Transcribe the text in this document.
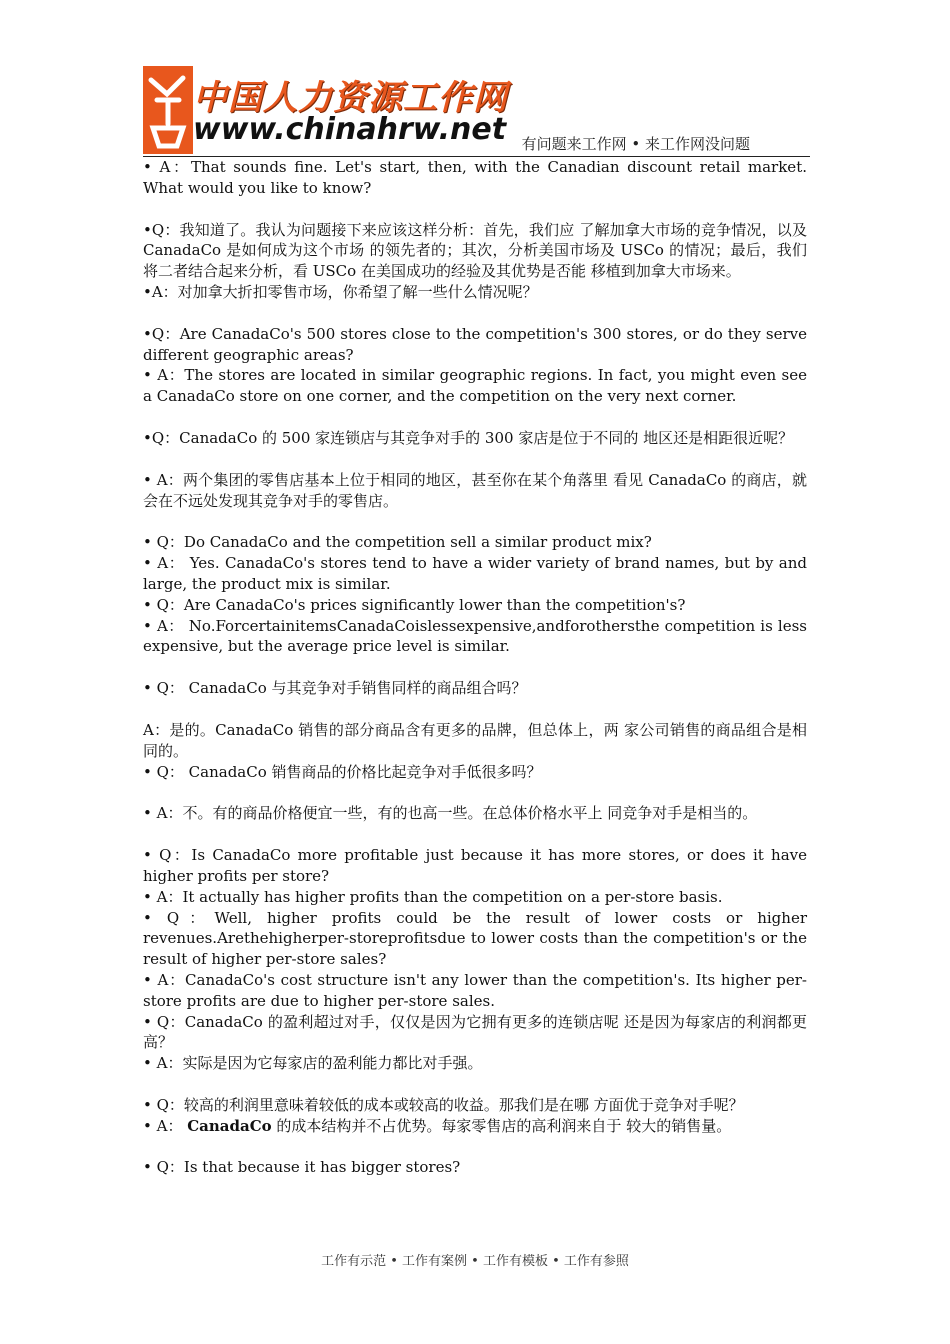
中国人力资源工作网
www.chinahrw.net 有问题来工作网 • 来工作网没问题

• A：That sounds fine. Let's start, then, with the Canadian discount retail market. What would you like to know?

•Q：我知道了。我认为问题接下来应该这样分析：首先，我们应 了解加拿大市场的竞争情况，以及 CanadaCo 是如何成为这个市场 的领先者的；其次，分析美国市场及 USCo 的情况；最后，我们 将二者结合起来分析，看 USCo 在美国成功的经验及其优势是否能 移植到加拿大市场来。

•A：对加拿大折扣零售市场，你希望了解一些什么情况呢？

•Q：Are CanadaCo's 500 stores close to the competition's 300 stores, or do they serve different geographic areas?

• A：The stores are located in similar geographic regions. In fact, you might even see a CanadaCo store on one corner, and the competition on the very next corner.

•Q：CanadaCo 的 500 家连锁店与其竞争对手的 300 家店是位于不同的 地区还是相距很近呢？

• A：两个集团的零售店基本上位于相同的地区，甚至你在某个角落里 看见 CanadaCo 的商店，就会在不远处发现其竞争对手的零售店。

• Q：Do CanadaCo and the competition sell a similar product mix?

• A： Yes. CanadaCo's stores tend to have a wider variety of brand names, but by and large, the product mix is similar.

• Q：Are CanadaCo's prices significantly lower than the competition's?

• A： No.ForcertainitemsCanadaCoislessexpensive,andforothersthe competition is less expensive, but the average price level is similar.

• Q： CanadaCo 与其竞争对手销售同样的商品组合吗？

A：是的。CanadaCo 销售的部分商品含有更多的品牌，但总体上，两 家公司销售的商品组合是相同的。

• Q： CanadaCo 销售商品的价格比起竞争对手低很多吗？

• A：不。有的商品价格便宜一些，有的也高一些。在总体价格水平上 同竞争对手是相当的。

• Q：Is CanadaCo more profitable just because it has more stores, or does it have higher profits per store?

• A：It actually has higher profits than the competition on a per-store basis.

• Q：Well, higher profits could be the result of lower costs or higher revenues.Arethehigherper-storeprofitsdue to lower costs than the competition's or the result of higher per-store sales?

• A：CanadaCo's cost structure isn't any lower than the competition's. Its higher per-store profits are due to higher per-store sales.

• Q：CanadaCo 的盈利超过对手，仅仅是因为它拥有更多的连锁店呢 还是因为每家店的利润都更高？

• A：实际是因为它每家店的盈利能力都比对手强。

• Q：较高的利润里意味着较低的成本或较高的收益。那我们是在哪 方面优于竞争对手呢？

• A： CanadaCo 的成本结构并不占优势。每家零售店的高利润来自于 较大的销售量。

• Q：Is that because it has bigger stores?

工作有示范 • 工作有案例 • 工作有模板 • 工作有参照
